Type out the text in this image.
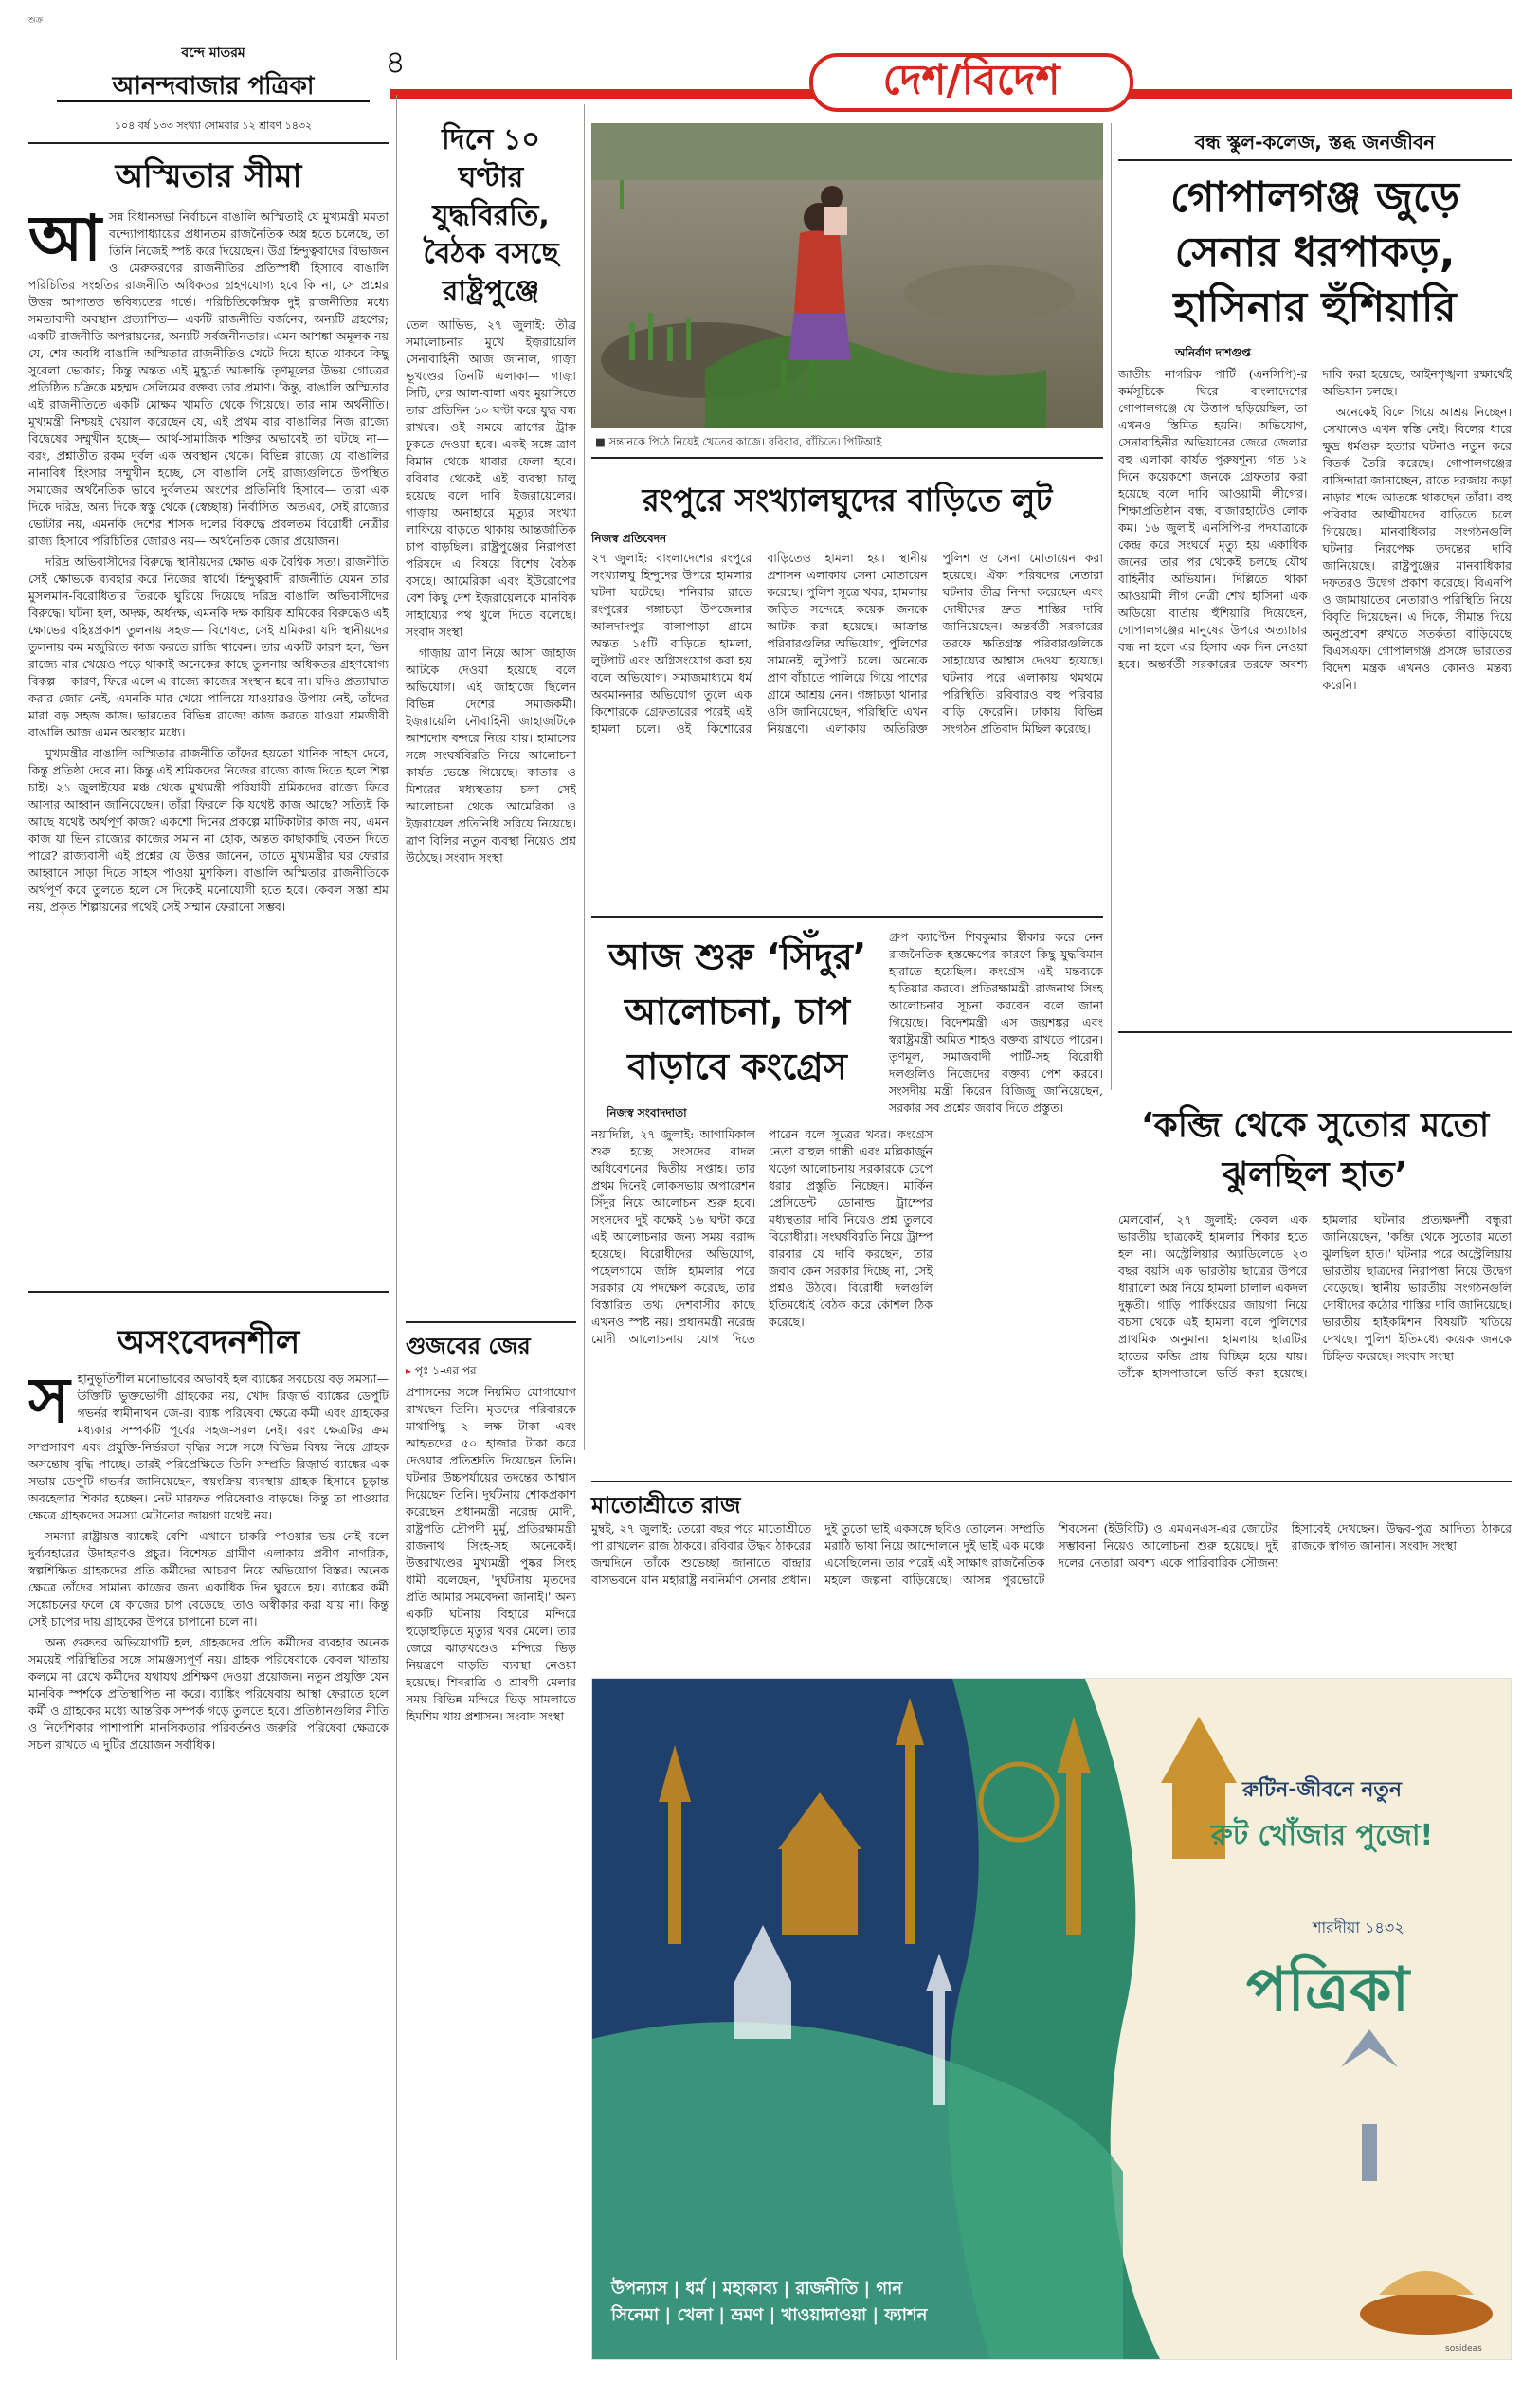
শুক্র
৪	দেশ/বিদেশ
বন্দে মাতরম
আনন্দবাজার পত্রিকা
১০৪ বর্ষ ১৩৩ সংখ্যা সোমবার ১২ শ্রাবণ ১৪৩২
অস্মিতার সীমা
আ সন্ন বিধানসভা নির্বাচনে বাঙালি অস্মিতাই যে মুখ্যমন্ত্রী মমতা বন্দ্যোপাধ্যায়ের প্রধানতম রাজনৈতিক অস্ত্র হতে চলেছে, তা তিনি নিজেই স্পষ্ট করে দিয়েছেন। উগ্র হিন্দুত্ববাদের বিভাজন ও মেরুকরণের রাজনীতির প্রতিস্পর্ধী হিসাবে বাঙালি পরিচিতির সংহতির রাজনীতি অধিকতর গ্রহণযোগ্য হবে কি না, সে প্রশ্নের উত্তর আপাতত ভবিষ্যতের গর্ভে। পরিচিতিকেন্দ্রিক দুই রাজনীতির মধ্যে সমতাবাদী অবস্থান প্রত্যাশিত— একটি রাজনীতি বর্জনের, অন্যটি গ্রহণের; একটি রাজনীতি অপরায়নের, অন্যটি সর্বজনীনতার। এমন আশঙ্কা অমূলক নয় যে, শেষ অবধি বাঙালি অস্মিতার রাজনীতিও খেটে দিয়ে হাতে থাকবে কিছু সুবেলা ভোকার; কিন্তু অন্তত এই মুহূর্তে আক্রান্তি তৃণমূলের উভয় গোত্রের প্রতিষ্ঠিত চক্রিকে মহম্মদ সেলিমের বক্তব্য তার প্রমাণ। কিন্তু, বাঙালি অস্মিতার এই রাজনীতিতে একটি মোক্ষম খামতি থেকে গিয়েছে। তার নাম অর্থনীতি। মুখ্যমন্ত্রী নিশ্চয়ই খেয়াল করেছেন যে, এই প্রথম বার বাঙালির নিজ রাজ্যে বিদ্বেষের সম্মুখীন হচ্ছে— আর্থ-সামাজিক শক্তির অভাবেই তা ঘটছে না— বরং, প্রশ্নাতীত রকম দুর্বল এক অবস্থান থেকে। বিভিন্ন রাজ্যে যে বাঙালির নানাবিধ হিংসার সম্মুখীন হচ্ছে, সে বাঙালি সেই রাজ্যগুলিতে উপস্থিত সমাজের অর্থনৈতিক ভাবে দুর্বলতম অংশের প্রতিনিধি হিসাবে— তারা এক দিকে দরিদ্র, অন্য দিকে স্বস্তু থেকে (স্বেচ্ছায়) নির্বাসিত। অতএব, সেই রাজ্যের ভোটার নয়, এমনকি দেশের শাসক দলের বিরুদ্ধে প্রবলতম বিরোধী নেত্রীর রাজ্য হিসাবে পরিচিতির জোরও নয়— অর্থনৈতিক জোর প্রয়োজন।

দরিদ্র অভিবাসীদের বিরুদ্ধে স্থানীয়দের ক্ষোভ এক বৈশ্বিক সত্য। রাজনীতি সেই ক্ষোভকে ব্যবহার করে নিজের স্বার্থে। হিন্দুত্ববাদী রাজনীতি যেমন তার মুসলমান-বিরোধিতার তিরকে ঘুরিয়ে দিয়েছে দরিদ্র বাঙালি অভিবাসীদের বিরুদ্ধে। ঘটনা হল, অদক্ষ, অর্ধদক্ষ, এমনকি দক্ষ কায়িক শ্রমিকের বিরুদ্ধেও এই ক্ষোভের বহিঃপ্রকাশ তুলনায় সহজ— বিশেষত, সেই শ্রমিকরা যদি স্থানীয়দের তুলনায় কম মজুরিতে কাজ করতে রাজি থাকেন। তার একটি কারণ হল, ভিন রাজ্যে মার খেয়েও পড়ে থাকাই অনেকের কাছে তুলনায় অধিকতর গ্রহণযোগ্য বিকল্প— কারণ, ফিরে এলে এ রাজ্যে কাজের সংস্থান হবে না। যদিও প্রত্যাঘাত করার জোর নেই, এমনকি মার খেয়ে পালিয়ে যাওয়ারও উপায় নেই, তাঁদের মারা বড় সহজ কাজ। ভারতের বিভিন্ন রাজ্যে কাজ করতে যাওয়া শ্রমজীবী বাঙালি আজ এমন অবস্থার মধ্যে।

মুখ্যমন্ত্রীর বাঙালি অস্মিতার রাজনীতি তাঁদের হয়তো খানিক সাহস দেবে, কিন্তু প্রতিষ্ঠা দেবে না। কিন্তু এই শ্রমিকদের নিজের রাজ্যে কাজ দিতে হলে শিল্প চাই। ২১ জুলাইয়ের মঞ্চ থেকে মুখ্যমন্ত্রী পরিযায়ী শ্রমিকদের রাজ্যে ফিরে আসার আহ্বান জানিয়েছেন। তাঁরা ফিরলে কি যথেষ্ট কাজ আছে? সত্যিই কি আছে যথেষ্ট অর্থপূর্ণ কাজ? একশো দিনের প্রকল্পে মাটিকাটার কাজ নয়, এমন কাজ যা ভিন রাজ্যের কাজের সমান না হোক, অন্তত কাছাকাছি বেতন দিতে পারে? রাজ্যবাসী এই প্রশ্নের যে উত্তর জানেন, তাতে মুখ্যমন্ত্রীর ঘর ফেরার আহ্বানে সাড়া দিতে সাহস পাওয়া মুশকিল। বাঙালি অস্মিতার রাজনীতিকে অর্থপূর্ণ করে তুলতে হলে সে দিকেই মনোযোগী হতে হবে। কেবল সস্তা শ্রম নয়, প্রকৃত শিল্পায়নের পথেই সেই সম্মান ফেরানো সম্ভব।

অসংবেদনশীল
স হানুভূতিশীল মনোভাবের অভাবই হল ব্যাঙ্কের সবচেয়ে বড় সমস্যা— উক্তিটি ভুক্তভোগী গ্রাহকের নয়, খোদ রিজ়ার্ভ ব্যাঙ্কের ডেপুটি গভর্নর স্বামীনাথন জে-র। ব্যাঙ্ক পরিষেবা ক্ষেত্রে কর্মী এবং গ্রাহকের মধ্যকার সম্পর্কটি পূর্বের সহজ-সরল নেই। বরং ক্ষেত্রটির ক্রম সম্প্রসারণ এবং প্রযুক্তি-নির্ভরতা বৃদ্ধির সঙ্গে সঙ্গে বিভিন্ন বিষয় নিয়ে গ্রাহক অসন্তোষ বৃদ্ধি পাচ্ছে। তারই পরিপ্রেক্ষিতে তিনি সম্প্রতি রিজ়ার্ভ ব্যাঙ্কের এক সভায় ডেপুটি গভর্নর জানিয়েছেন, স্বয়ংক্রিয় ব্যবস্থায় গ্রাহক হিসাবে চূড়ান্ত অবহেলার শিকার হচ্ছেন। নেট মারফত পরিষেবাও বাড়ছে। কিন্তু তা পাওয়ার ক্ষেত্রে গ্রাহকদের সমস্যা মেটানোর জায়গা যথেষ্ট নয়।

সমস্যা রাষ্ট্রায়ত্ত ব্যাঙ্কেই বেশি। এখানে চাকরি পাওয়ার ভয় নেই বলে দুর্ব্যবহারের উদাহরণও প্রচুর। বিশেষত গ্রামীণ এলাকায় প্রবীণ নাগরিক, স্বল্পশিক্ষিত গ্রাহকদের প্রতি কর্মীদের আচরণ নিয়ে অভিযোগ বিস্তর। অনেক ক্ষেত্রে তাঁদের সামান্য কাজের জন্য একাধিক দিন ঘুরতে হয়। ব্যাঙ্কের কর্মী সঙ্কোচনের ফলে যে কাজের চাপ বেড়েছে, তাও অস্বীকার করা যায় না। কিন্তু সেই চাপের দায় গ্রাহকের উপরে চাপানো চলে না।

অন্য গুরুতর অভিযোগটি হল, গ্রাহকদের প্রতি কর্মীদের ব্যবহার অনেক সময়েই পরিস্থিতির সঙ্গে সামঞ্জস্যপূর্ণ নয়। গ্রাহক পরিষেবাকে কেবল খাতায় কলমে না রেখে কর্মীদের যথাযথ প্রশিক্ষণ দেওয়া প্রয়োজন। নতুন প্রযুক্তি যেন মানবিক স্পর্শকে প্রতিস্থাপিত না করে। ব্যাঙ্কিং পরিষেবায় আস্থা ফেরাতে হলে কর্মী ও গ্রাহকের মধ্যে আন্তরিক সম্পর্ক গড়ে তুলতে হবে। প্রতিষ্ঠানগুলির নীতি ও নির্দেশিকার পাশাপাশি মানসিকতার পরিবর্তনও জরুরি। পরিষেবা ক্ষেত্রকে সচল রাখতে এ দুটির প্রয়োজন সর্বাধিক।

দিনে ১০ ঘণ্টার যুদ্ধবিরতি, বৈঠক বসছে রাষ্ট্রপুঞ্জে
তেল আভিভ, ২৭ জুলাই: তীব্র সমালোচনার মুখে ইজ়রায়েলি সেনাবাহিনী আজ জানাল, গাজ়া ভূখণ্ডের তিনটি এলাকা— গাজ়া সিটি, দের আল-বালা এবং মুয়াসিতে তারা প্রতিদিন ১০ ঘণ্টা করে যুদ্ধ বন্ধ রাখবে। ওই সময়ে ত্রাণের ট্রাক ঢুকতে দেওয়া হবে। একই সঙ্গে ত্রাণ বিমান থেকে খাবার ফেলা হবে। রবিবার থেকেই এই ব্যবস্থা চালু হয়েছে বলে দাবি ইজ়রায়েলের। গাজ়ায় অনাহারে মৃত্যুর সংখ্যা লাফিয়ে বাড়তে থাকায় আন্তর্জাতিক চাপ বাড়ছিল। রাষ্ট্রপুঞ্জের নিরাপত্তা পরিষদে এ বিষয়ে বিশেষ বৈঠক বসছে। আমেরিকা এবং ইউরোপের বেশ কিছু দেশ ইজ়রায়েলকে মানবিক সাহায্যের পথ খুলে দিতে বলেছে। সংবাদ সংস্থা

গাজ়ায় ত্রাণ নিয়ে আসা জাহাজ আটকে দেওয়া হয়েছে বলে অভিযোগ। এই জাহাজে ছিলেন বিভিন্ন দেশের সমাজকর্মী। ইজ়রায়েলি নৌবাহিনী জাহাজটিকে আশদোদ বন্দরে নিয়ে যায়। হামাসের সঙ্গে সংঘর্ষবিরতি নিয়ে আলোচনা কার্যত ভেস্তে গিয়েছে। কাতার ও মিশরের মধ্যস্থতায় চলা সেই আলোচনা থেকে আমেরিকা ও ইজ়রায়েল প্রতিনিধি সরিয়ে নিয়েছে। ত্রাণ বিলির নতুন ব্যবস্থা নিয়েও প্রশ্ন উঠেছে। সংবাদ সংস্থা

গুজবের জের
▸ পৃঃ ১-এর পর
প্রশাসনের সঙ্গে নিয়মিত যোগাযোগ রাখছেন তিনি। মৃতদের পরিবারকে মাথাপিছু ২ লক্ষ টাকা এবং আহতদের ৫০ হাজার টাকা করে দেওয়ার প্রতিশ্রুতি দিয়েছেন তিনি। ঘটনার উচ্চপর্যায়ের তদন্তের আশ্বাস দিয়েছেন তিনি। দুর্ঘটনায় শোকপ্রকাশ করেছেন প্রধানমন্ত্রী নরেন্দ্র মোদী, রাষ্ট্রপতি দ্রৌপদী মুর্মু, প্রতিরক্ষামন্ত্রী রাজনাথ সিংহ-সহ অনেকেই। উত্তরাখণ্ডের মুখ্যমন্ত্রী পুষ্কর সিংহ ধামী বলেছেন, 'দুর্ঘটনায় মৃতদের প্রতি আমার সমবেদনা জানাই।' অন্য একটি ঘটনায় বিহারে মন্দিরে হুড়োহুড়িতে মৃত্যুর খবর মেলে। তার জেরে ঝাড়খণ্ডেও মন্দিরে ভিড় নিয়ন্ত্রণে বাড়তি ব্যবস্থা নেওয়া হয়েছে। শিবরাত্রি ও শ্রাবণী মেলার সময় বিভিন্ন মন্দিরে ভিড় সামলাতে হিমশিম খায় প্রশাসন। সংবাদ সংস্থা
■ সন্তানকে পিঠে নিয়েই খেতের কাজে। রবিবার, রাঁচিতে। পিটিআই
রংপুরে সংখ্যালঘুদের বাড়িতে লুট
নিজস্ব প্রতিবেদন
২৭ জুলাই: বাংলাদেশের রংপুরে সংখ্যালঘু হিন্দুদের উপরে হামলার ঘটনা ঘটেছে। শনিবার রাতে রংপুরের গঙ্গাচড়া উপজেলার আলদাদপুর বালাপাড়া গ্রামে অন্তত ১৫টি বাড়িতে হামলা, লুটপাট এবং অগ্নিসংযোগ করা হয় বলে অভিযোগ। সমাজমাধ্যমে ধর্ম অবমাননার অভিযোগ তুলে এক কিশোরকে গ্রেফতারের পরেই এই হামলা চলে। ওই কিশোরের বাড়িতেও হামলা হয়। স্থানীয় প্রশাসন এলাকায় সেনা মোতায়েন করেছে। পুলিশ সূত্রে খবর, হামলায় জড়িত সন্দেহে কয়েক জনকে আটক করা হয়েছে। আক্রান্ত পরিবারগুলির অভিযোগ, পুলিশের সামনেই লুটপাট চলে। অনেকে প্রাণ বাঁচাতে পালিয়ে গিয়ে পাশের গ্রামে আশ্রয় নেন। গঙ্গাচড়া থানার ওসি জানিয়েছেন, পরিস্থিতি এখন নিয়ন্ত্রণে। এলাকায় অতিরিক্ত পুলিশ ও সেনা মোতায়েন করা হয়েছে। ঐক্য পরিষদের নেতারা ঘটনার তীব্র নিন্দা করেছেন এবং দোষীদের দ্রুত শাস্তির দাবি জানিয়েছেন। অন্তর্বর্তী সরকারের তরফে ক্ষতিগ্রস্ত পরিবারগুলিকে সাহায্যের আশ্বাস দেওয়া হয়েছে। ঘটনার পরে এলাকায় থমথমে পরিস্থিতি। রবিবারও বহু পরিবার বাড়ি ফেরেনি। ঢাকায় বিভিন্ন সংগঠন প্রতিবাদ মিছিল করেছে।
বন্ধ স্কুল-কলেজ, স্তব্ধ জনজীবন
গোপালগঞ্জ জুড়ে সেনার ধরপাকড়, হাসিনার হুঁশিয়ারি
অনির্বাণ দাশগুপ্ত
জাতীয় নাগরিক পার্টি (এনসিপি)-র কর্মসূচিকে ঘিরে বাংলাদেশের গোপালগঞ্জে যে উত্তাপ ছড়িয়েছিল, তা এখনও স্তিমিত হয়নি। অভিযোগ, সেনাবাহিনীর অভিযানের জেরে জেলার বহু এলাকা কার্যত পুরুষশূন্য। গত ১২ দিনে কয়েকশো জনকে গ্রেফতার করা হয়েছে বলে দাবি আওয়ামী লীগের। শিক্ষাপ্রতিষ্ঠান বন্ধ, বাজারহাটেও লোক কম। ১৬ জুলাই এনসিপি-র পদযাত্রাকে কেন্দ্র করে সংঘর্ষে মৃত্যু হয় একাধিক জনের। তার পর থেকেই চলছে যৌথ বাহিনীর অভিযান। দিল্লিতে থাকা আওয়ামী লীগ নেত্রী শেখ হাসিনা এক অডিয়ো বার্তায় হুঁশিয়ারি দিয়েছেন, গোপালগঞ্জের মানুষের উপরে অত্যাচার বন্ধ না হলে এর হিসাব এক দিন নেওয়া হবে। অন্তর্বর্তী সরকারের তরফে অবশ্য দাবি করা হয়েছে, আইনশৃঙ্খলা রক্ষার্থেই অভিযান চলছে।

অনেকেই বিলে গিয়ে আশ্রয় নিচ্ছেন। সেখানেও এখন স্বস্তি নেই। বিলের ধারে ক্ষুদ্র ধর্মগুরু হত্যার ঘটনাও নতুন করে বিতর্ক তৈরি করেছে। গোপালগঞ্জের বাসিন্দারা জানাচ্ছেন, রাতে দরজায় কড়া নাড়ার শব্দে আতঙ্কে থাকছেন তাঁরা। বহু পরিবার আত্মীয়দের বাড়িতে চলে গিয়েছে। মানবাধিকার সংগঠনগুলি ঘটনার নিরপেক্ষ তদন্তের দাবি জানিয়েছে। রাষ্ট্রপুঞ্জের মানবাধিকার দফতরও উদ্বেগ প্রকাশ করেছে। বিএনপি ও জামায়াতের নেতারাও পরিস্থিতি নিয়ে বিবৃতি দিয়েছেন। এ দিকে, সীমান্ত দিয়ে অনুপ্রবেশ রুখতে সতর্কতা বাড়িয়েছে বিএসএফ। গোপালগঞ্জ প্রসঙ্গে ভারতের বিদেশ মন্ত্রক এখনও কোনও মন্তব্য করেনি।

আজ শুরু ‘সিঁদুর’ আলোচনা, চাপ বাড়াবে কংগ্রেস
নিজস্ব সংবাদদাতা
নয়াদিল্লি, ২৭ জুলাই: আগামিকাল শুরু হচ্ছে সংসদের বাদল অধিবেশনের দ্বিতীয় সপ্তাহ। তার প্রথম দিনেই লোকসভায় অপারেশন সিঁদুর নিয়ে আলোচনা শুরু হবে। সংসদের দুই কক্ষেই ১৬ ঘণ্টা করে এই আলোচনার জন্য সময় বরাদ্দ হয়েছে। বিরোধীদের অভিযোগ, পহেলগামে জঙ্গি হামলার পরে সরকার যে পদক্ষেপ করেছে, তার বিস্তারিত তথ্য দেশবাসীর কাছে এখনও স্পষ্ট নয়। প্রধানমন্ত্রী নরেন্দ্র মোদী আলোচনায় যোগ দিতে পারেন বলে সূত্রের খবর। কংগ্রেস নেতা রাহুল গান্ধী এবং মল্লিকার্জুন খড়্গে আলোচনায় সরকারকে চেপে ধরার প্রস্তুতি নিচ্ছেন। মার্কিন প্রেসিডেন্ট ডোনাল্ড ট্রাম্পের মধ্যস্থতার দাবি নিয়েও প্রশ্ন তুলবে বিরোধীরা। সংঘর্ষবিরতি নিয়ে ট্রাম্প বারবার যে দাবি করছেন, তার জবাব কেন সরকার দিচ্ছে না, সেই প্রশ্নও উঠবে। বিরোধী দলগুলি ইতিমধ্যেই বৈঠক করে কৌশল ঠিক করেছে।
গ্রুপ ক্যাপ্টেন শিবকুমার স্বীকার করে নেন রাজনৈতিক হস্তক্ষেপের কারণে কিছু যুদ্ধবিমান হারাতে হয়েছিল। কংগ্রেস এই মন্তব্যকে হাতিয়ার করবে। প্রতিরক্ষামন্ত্রী রাজনাথ সিংহ আলোচনার সূচনা করবেন বলে জানা গিয়েছে। বিদেশমন্ত্রী এস জয়শঙ্কর এবং স্বরাষ্ট্রমন্ত্রী অমিত শাহও বক্তব্য রাখতে পারেন। তৃণমূল, সমাজবাদী পার্টি-সহ বিরোধী দলগুলিও নিজেদের বক্তব্য পেশ করবে। সংসদীয় মন্ত্রী কিরেন রিজিজু জানিয়েছেন, সরকার সব প্রশ্নের জবাব দিতে প্রস্তুত।	‘কব্জি থেকে সুতোর মতো ঝুলছিল হাত’
মেলবোর্ন, ২৭ জুলাই: কেবল এক ভারতীয় ছাত্রকেই হামলার শিকার হতে হল না। অস্ট্রেলিয়ার অ্যাডিলেডে ২৩ বছর বয়সি এক ভারতীয় ছাত্রের উপরে ধারালো অস্ত্র নিয়ে হামলা চালাল একদল দুষ্কৃতী। গাড়ি পার্কিংয়ের জায়গা নিয়ে বচসা থেকে এই হামলা বলে পুলিশের প্রাথমিক অনুমান। হামলায় ছাত্রটির হাতের কব্জি প্রায় বিচ্ছিন্ন হয়ে যায়। তাঁকে হাসপাতালে ভর্তি করা হয়েছে। হামলার ঘটনার প্রত্যক্ষদর্শী বন্ধুরা জানিয়েছেন, 'কব্জি থেকে সুতোর মতো ঝুলছিল হাত।' ঘটনার পরে অস্ট্রেলিয়ায় ভারতীয় ছাত্রদের নিরাপত্তা নিয়ে উদ্বেগ বেড়েছে। স্থানীয় ভারতীয় সংগঠনগুলি দোষীদের কঠোর শাস্তির দাবি জানিয়েছে। ভারতীয় হাইকমিশন বিষয়টি খতিয়ে দেখছে। পুলিশ ইতিমধ্যে কয়েক জনকে চিহ্নিত করেছে। সংবাদ সংস্থা
মাতোশ্রীতে রাজ
মুম্বই, ২৭ জুলাই: তেরো বছর পরে মাতোশ্রীতে পা রাখলেন রাজ ঠাকরে। রবিবার উদ্ধব ঠাকরের জন্মদিনে তাঁকে শুভেচ্ছা জানাতে বান্দ্রার বাসভবনে যান মহারাষ্ট্র নবনির্মাণ সেনার প্রধান। দুই তুতো ভাই একসঙ্গে ছবিও তোলেন। সম্প্রতি মরাঠি ভাষা নিয়ে আন্দোলনে দুই ভাই এক মঞ্চে এসেছিলেন। তার পরেই এই সাক্ষাৎ রাজনৈতিক মহলে জল্পনা বাড়িয়েছে। আসন্ন পুরভোটে শিবসেনা (ইউবিটি) ও এমএনএস-এর জোটের সম্ভাবনা নিয়েও আলোচনা শুরু হয়েছে। দুই দলের নেতারা অবশ্য একে পারিবারিক সৌজন্য হিসাবেই দেখছেন। উদ্ধব-পুত্র আদিত্য ঠাকরে রাজকে স্বাগত জানান। সংবাদ সংস্থা
রুটিন-জীবনে নতুন
রুট খোঁজার পুজো!
শারদীয়া ১৪৩২
পত্রিকা
উপন্যাস | ধর্ম | মহাকাব্য | রাজনীতি | গান
সিনেমা | খেলা | ভ্রমণ | খাওয়াদাওয়া | ফ্যাশন
sosideas
